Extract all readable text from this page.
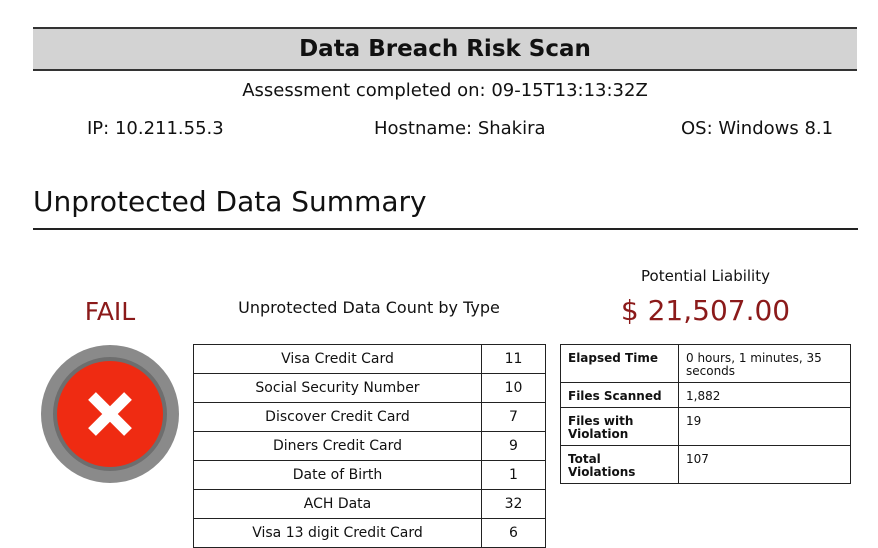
Data Breach Risk Scan
Assessment completed on: 09-15T13:13:32Z
IP: 10.211.55.3	Hostname: Shakira	OS: Windows 8.1
Unprotected Data Summary
FAIL	Unprotected Data Count by Type
Visa Credit Card	11
Social Security Number	10
Discover Credit Card	7
Diners Credit Card	9
Date of Birth	1
ACH Data	32
Visa 13 digit Credit Card	6
Potential Liability
$ 21,507.00
Elapsed Time	0 hours, 1 minutes, 35 seconds
Files Scanned	1,882
Files with Violation	19
Total Violations	107
